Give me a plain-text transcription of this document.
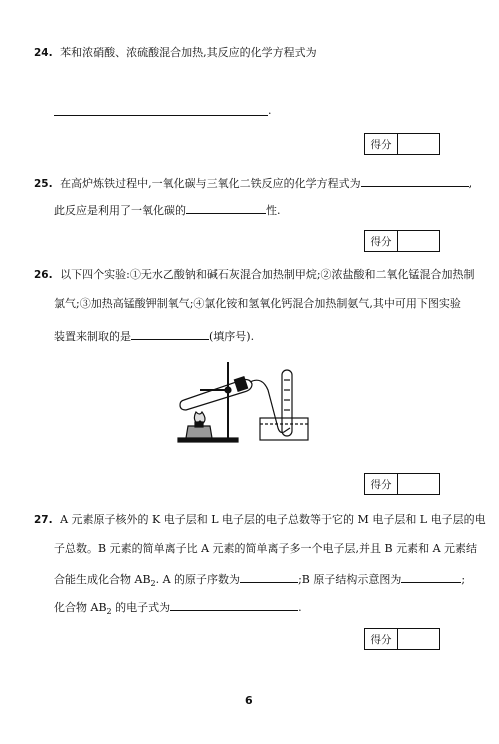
24. 苯和浓硝酸、浓硫酸混合加热,其反应的化学方程式为
.
得分
25. 在高炉炼铁过程中,一氧化碳与三氧化二铁反应的化学方程式为	,
此反应是利用了一氧化碳的	性.
得分
26. 以下四个实验:①无水乙酸钠和碱石灰混合加热制甲烷;②浓盐酸和二氧化锰混合加热制
氯气;③加热高锰酸钾制氧气;④氯化铵和氢氧化钙混合加热制氨气,其中可用下图实验
装置来制取的是	(填序号).
得分
27. A 元素原子核外的 K 电子层和 L 电子层的电子总数等于它的 M 电子层和 L 电子层的电
子总数。B 元素的简单离子比 A 元素的简单离子多一个电子层,并且 B 元素和 A 元素结
合能生成化合物 $AB_2$. A 的原子序数为	;B 原子结构示意图为	;
化合物 $AB_2$ 的电子式为	.
得分
6
